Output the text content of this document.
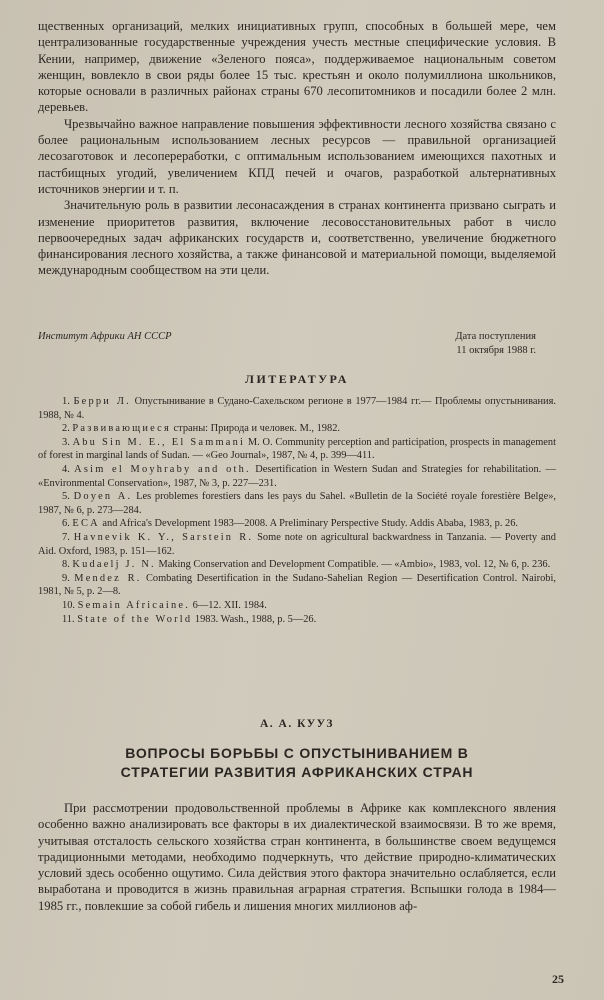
щественных организаций, мелких инициативных групп, способных в большей мере, чем централизованные государственные учреждения учесть местные специфические условия. В Кении, например, движение «Зеленого пояса», поддерживаемое национальным советом женщин, вовлекло в свои ряды более 15 тыс. крестьян и около полумиллиона школьников, которые основали в различных районах страны 670 лесопитомников и посадили более 2 млн. деревьев.

Чрезвычайно важное направление повышения эффективности лесного хозяйства связано с более рациональным использованием лесных ресурсов — правильной организацией лесозаготовок и лесопереработки, с оптимальным использованием имеющихся пахотных и пастбищных угодий, увеличением КПД печей и очагов, разработкой альтернативных источников энергии и т. п.

Значительную роль в развитии лесонасаждения в странах континента призвано сыграть и изменение приоритетов развития, включение лесовосстановительных работ в число первоочередных задач африканских государств и, соответственно, увеличение бюджетного финансирования лесного хозяйства, а также финансовой и материальной помощи, выделяемой международным сообществом на эти цели.

Институт Африки АН СССР	Дата поступления
11 октября 1988 г.
ЛИТЕРАТУРА
1. Берри Л. Опустынивание в Судано-Сахельском регионе в 1977—1984 гг.— Проблемы опустынивания. 1988, № 4.
2. Развивающиеся страны: Природа и человек. М., 1982.
3. Abu Sin M. E., El Sammani M. O. Community perception and participation, prospects in management of forest in marginal lands of Sudan. — «Geo Journal», 1987, № 4, p. 399—411.
4. Asim el Moyhraby and oth. Desertification in Western Sudan and Strategies for rehabilitation. — «Environmental Conservation», 1987, № 3, p. 227—231.
5. Doyen A. Les problemes forestiers dans les pays du Sahel. «Bulletin de la Société royale forestière Belge», 1987, № 6, p. 273—284.
6. ECA and Africa's Development 1983—2008. A Preliminary Perspective Study. Addis Ababa, 1983, p. 26.
7. Havnevik K. Y., Sarstein R. Some note on agricultural backwardness in Tanzania. — Poverty and Aid. Oxford, 1983, p. 151—162.
8. Kudaelj J. N. Making Conservation and Development Compatible. — «Ambio», 1983, vol. 12, № 6, p. 236.
9. Mendez R. Combating Desertification in the Sudano-Sahelian Region — Desertification Control. Nairobi, 1981, № 5, p. 2—8.
10. Semain Africaine. 6—12. XII. 1984.
11. State of the World 1983. Wash., 1988, p. 5—26.

А. А. КУУЗ

ВОПРОСЫ БОРЬБЫ С ОПУСТЫНИВАНИЕМ В

СТРАТЕГИИ РАЗВИТИЯ АФРИКАНСКИХ СТРАН

При рассмотрении продовольственной проблемы в Африке как комплексного явления особенно важно анализировать все факторы в их диалектической взаимосвязи. В то же время, учитывая отсталость сельского хозяйства стран континента, в большинстве своем ведущемся традиционными методами, необходимо подчеркнуть, что действие природно-климатических условий здесь особенно ощутимо. Сила действия этого фактора значительно ослабляется, если выработана и проводится в жизнь правильная аграрная стратегия. Вспышки голода в 1984—1985 гг., повлекшие за собой гибель и лишения многих миллионов аф-

25
